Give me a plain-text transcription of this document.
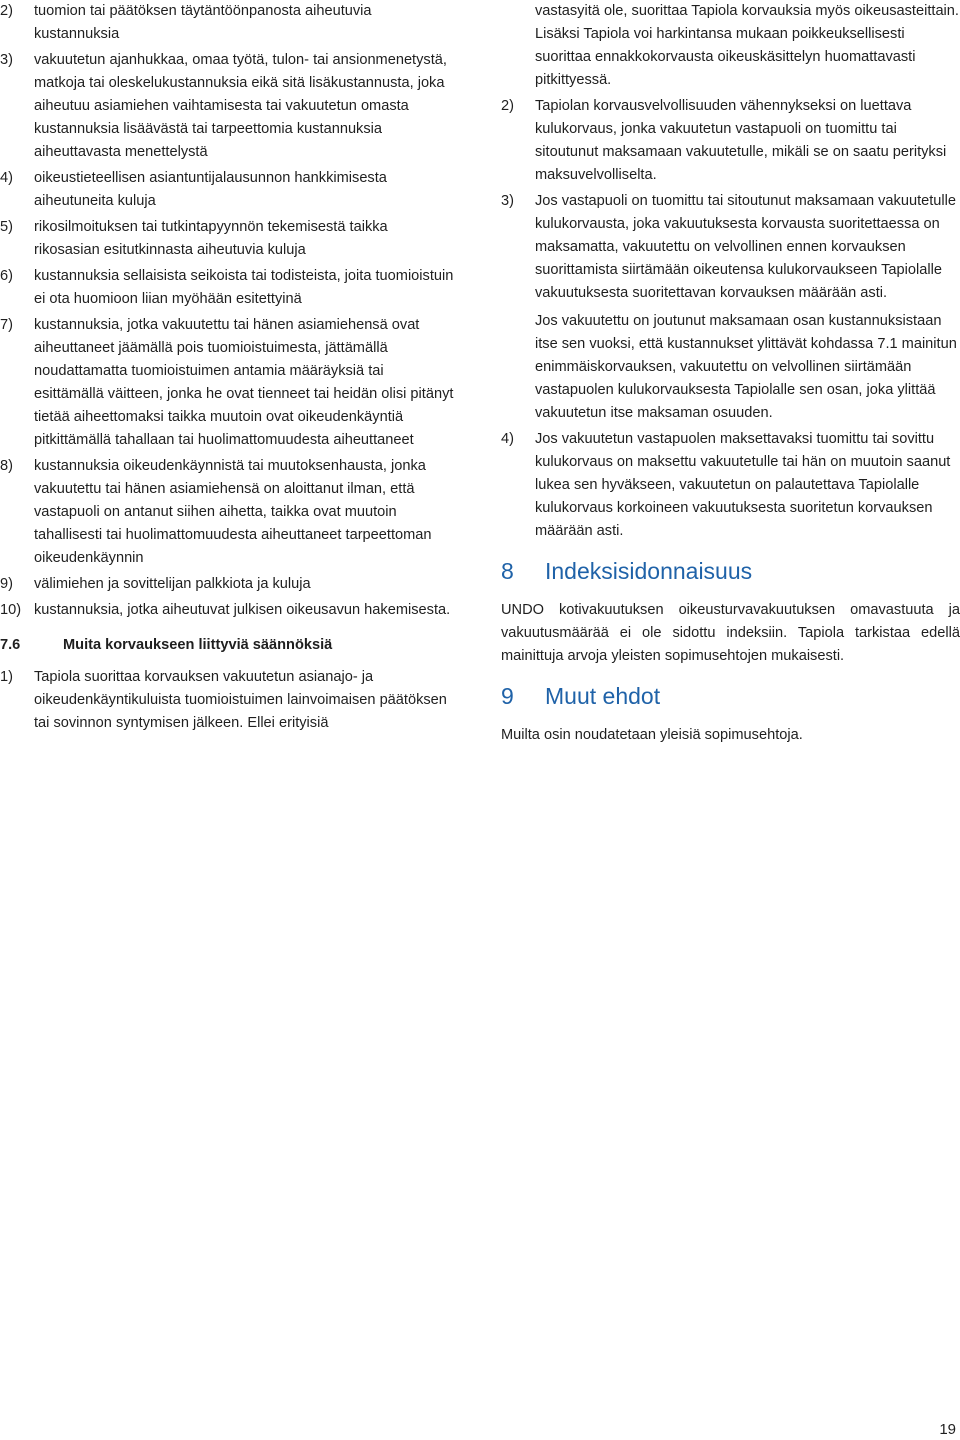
2) tuomion tai päätöksen täytäntöönpanosta aiheutuvia kustannuksia
3) vakuutetun ajanhukkaa, omaa työtä, tulon- tai ansionmenetystä, matkoja tai oleskelukustannuksia eikä sitä lisäkustannusta, joka aiheutuu asiamiehen vaihtamisesta tai vakuutetun omasta kustannuksia lisäävästä tai tarpeettomia kustannuksia aiheuttavasta menettelystä
4) oikeustieteellisen asiantuntijalausunnon hankkimisesta aiheutuneita kuluja
5) rikosilmoituksen tai tutkintapyynnön tekemisestä taikka rikosasian esitutkinnasta aiheutuvia kuluja
6) kustannuksia sellaisista seikoista tai todisteista, joita tuomioistuin ei ota huomioon liian myöhään esitettyinä
7) kustannuksia, jotka vakuutettu tai hänen asiamiehensä ovat aiheuttaneet jäämällä pois tuomioistuimesta, jättämällä noudattamatta tuomioistuimen antamia määräyksiä tai esittämällä väitteen, jonka he ovat tienneet tai heidän olisi pitänyt tietää aiheettomaksi taikka muutoin ovat oikeudenkäyntiä pitkittämällä tahallaan tai huolimattomuudesta aiheuttaneet
8) kustannuksia oikeudenkäynnistä tai muutoksenhausta, jonka vakuutettu tai hänen asiamiehensä on aloittanut ilman, että vastapuoli on antanut siihen aihetta, taikka ovat muutoin tahallisesti tai huolimattomuudesta aiheuttaneet tarpeettoman oikeudenkäynnin
9) välimiehen ja sovittelijan palkkiota ja kuluja
10) kustannuksia, jotka aiheutuvat julkisen oikeusavun hakemisesta.
7.6	Muita korvaukseen liittyviä säännöksiä
1) Tapiola suorittaa korvauksen vakuutetun asianajo- ja oikeudenkäyntikuluista tuomioistuimen lainvoimaisen päätöksen tai sovinnon syntymisen jälkeen. Ellei erityisiä
vastasyitä ole, suorittaa Tapiola korvauksia myös oikeusasteittain. Lisäksi Tapiola voi harkintansa mukaan poikkeuksellisesti suorittaa ennakkokorvausta oikeuskäsittelyn huomattavasti pitkittyessä.
2) Tapiolan korvausvelvollisuuden vähennykseksi on luettava kulukorvaus, jonka vakuutetun vastapuoli on tuomittu tai sitoutunut maksamaan vakuutetulle, mikäli se on saatu perityksi maksuvelvolliselta.
3) Jos vastapuoli on tuomittu tai sitoutunut maksamaan vakuutetulle kulukorvausta, joka vakuutuksesta korvausta suoritettaessa on maksamatta, vakuutettu on velvollinen ennen korvauksen suorittamista siirtämään oikeutensa kulukorvaukseen Tapiolalle vakuutuksesta suoritettavan korvauksen määrään asti.
Jos vakuutettu on joutunut maksamaan osan kustannuksistaan itse sen vuoksi, että kustannukset ylittävät kohdassa 7.1 mainitun enimmäiskorvauksen, vakuutettu on velvollinen siirtämään vastapuolen kulukorvauksesta Tapiolalle sen osan, joka ylittää vakuutetun itse maksaman osuuden.
4) Jos vakuutetun vastapuolen maksettavaksi tuomittu tai sovittu kulukorvaus on maksettu vakuutetulle tai hän on muutoin saanut lukea sen hyväkseen, vakuutetun on palautettava Tapiolalle kulukorvaus korkoineen vakuutuksesta suoritetun korvauksen määrään asti.
8 Indeksisidonnaisuus
UNDO kotivakuutuksen oikeusturvavakuutuksen omavastuuta ja vakuutusmäärää ei ole sidottu indeksiin. Tapiola tarkistaa edellä mainittuja arvoja yleisten sopimusehtojen mukaisesti.
9 Muut ehdot
Muilta osin noudatetaan yleisiä sopimusehtoja.
19
